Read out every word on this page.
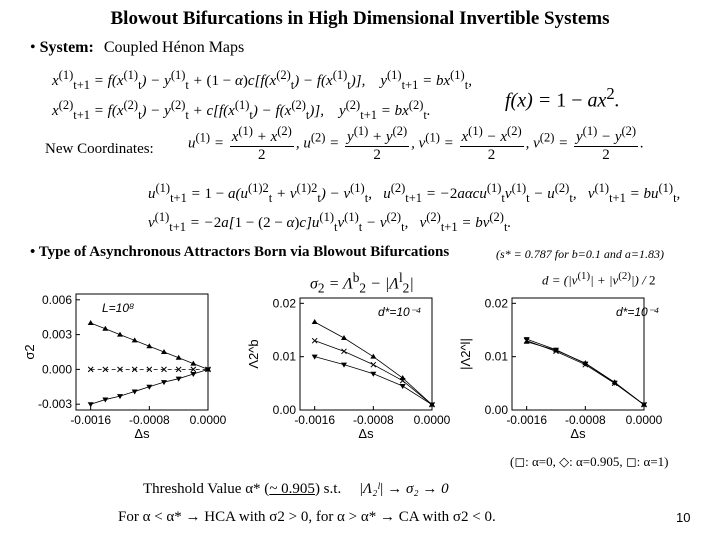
Blowout Bifurcations in High Dimensional Invertible Systems
• System: Coupled Hénon Maps
$x^{(1)}_{t+1} = f(x^{(1)}_t) - y^{(1)}_t + (1 - \alpha)c[f(x^{(2)}_t) - f(x^{(1)}_t)]$,    $y^{(1)}_{t+1} = bx^{(1)}_t$,
$x^{(2)}_{t+1} = f(x^{(2)}_t) - y^{(2)}_t + c[f(x^{(1)}_t) - f(x^{(2)}_t)]$,    $y^{(2)}_{t+1} = bx^{(2)}_t$.	$f(x) = 1 - ax^2$.
New Coordinates: $u^{(1)} = \frac{x^{(1)} + x^{(2)}}{2}$ , $u^{(2)} = \frac{y^{(1)} + y^{(2)}}{2}$ , $v^{(1)} = \frac{x^{(1)} - x^{(2)}}{2}$ , $v^{(2)} = \frac{y^{(1)} - y^{(2)}}{2}$ .
$u^{(1)}_{t+1} = 1 - a(u^{(1)2}_t + v^{(1)2}_t) - v^{(1)}_t$,   $u^{(2)}_{t+1} = -2a\alpha cu^{(1)}_tv^{(1)}_t - u^{(2)}_t$,   $v^{(1)}_{t+1} = bu^{(1)}_t$,
$v^{(1)}_{t+1} = -2a[1 - (2 - \alpha)c]u^{(1)}_tv^{(1)}_t - v^{(2)}_t$,   $v^{(2)}_{t+1} = bv^{(2)}_t$.
• Type of Asynchronous Attractors Born via Blowout Bifurcations	(s* = 0.787 for b=0.1 and a=1.83)
$\sigma_2 = \Lambda^b_2 - |\Lambda^l_2|$	$d = (|v^{(1)}| + |v^{(2)}|) / 2$
-0.003
0.000
0.003
0.006
-0.0016 -0.0008 0.0000
Δs
σ2
L=10⁸
0.00
0.01
0.02
-0.0016 -0.0008 0.0000
Δs
Λ2^b
d*=10⁻⁴
0.00
0.01
0.02
-0.0016 -0.0008 0.0000
Δs
|Λ2^l|
d*=10⁻⁴
(◻: α=0, ◇: α=0.905, ◻: α=1)
Threshold Value α* (~ 0.905) s.t. |Λ₂ˡ| → σ₂ → 0
For α < α* → HCA with σ2 > 0, for α > α* → CA with σ2 < 0.	10
